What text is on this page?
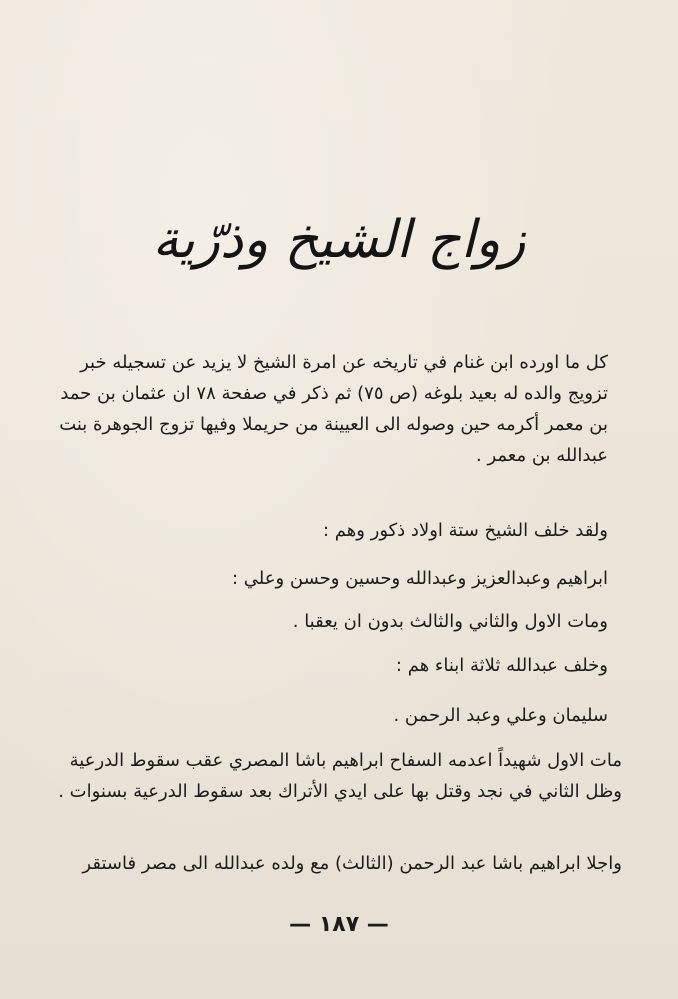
زواج الشيخ وذرّية
كل ما اورده ابن غنام في تاريخه عن امرة الشيخ لا يزيد عن تسجيله خبر
تزويج والده له بعيد بلوغه (ص ٧٥) ثم ذكر في صفحة ٧٨ ان عثمان بن حمد
بن معمر أكرمه حين وصوله الى العيينة من حريملا وفيها تزوج الجوهرة بنت
عبدالله بن معمر .
ولقد خلف الشيخ ستة اولاد ذكور وهم :
ابراهيم وعبدالعزيز وعبدالله وحسين وحسن وعلي :
ومات الاول والثاني والثالث بدون ان يعقبا .
وخلف عبدالله ثلاثة ابناء هم :
سليمان وعلي وعبد الرحمن .
مات الاول شهيداً اعدمه السفاح ابراهيم باشا المصري عقب سقوط الدرعية
وظل الثاني في نجد وقتل بها على ايدي الأتراك بعد سقوط الدرعية بسنوات .
واجلا ابراهيم باشا عبد الرحمن (الثالث) مع ولده عبدالله الى مصر فاستقر
— ١٨٧ —
